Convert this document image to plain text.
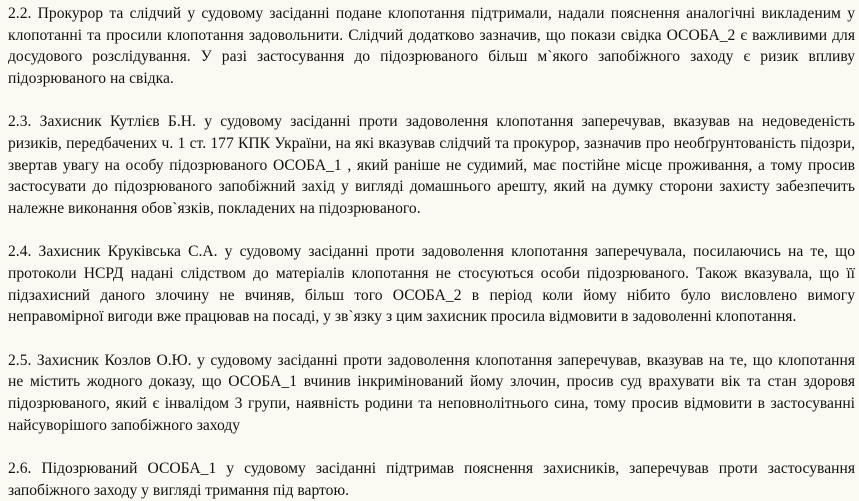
2.2. Прокурор та слідчий у судовому засіданні подане клопотання підтримали, надали пояснення аналогічні викладеним у
клопотанні та просили клопотання задовольнити. Слідчий додатково зазначив, що покази свідка ОСОБА_2 є важливими для
досудового розслідування. У разі застосування до підозрюваного більш м`якого запобіжного заходу є ризик впливу
підозрюваного на свідка.
2.3. Захисник Кутлієв Б.Н. у судовому засіданні проти задоволення клопотання заперечував, вказував на недоведеність
ризиків, передбачених ч. 1 ст. 177 КПК України, на які вказував слідчий та прокурор, зазначив про необґрунтованість підозри,
звертав увагу на особу підозрюваного ОСОБА_1 , який раніше не судимий, має постійне місце проживання, а тому просив
застосувати до підозрюваного запобіжний захід у вигляді домашнього арешту, який на думку сторони захисту забезпечить
належне виконання обов`язків, покладених на підозрюваного.
2.4. Захисник Круківська С.А. у судовому засіданні проти задоволення клопотання заперечувала, посилаючись на те, що
протоколи НСРД надані слідством до матеріалів клопотання не стосуються особи підозрюваного. Також вказувала, що її
підзахисний даного злочину не вчиняв, більш того ОСОБА_2 в період коли йому нібито було висловлено вимогу
неправомірної вигоди вже працював на посаді, у зв`язку з цим захисник просила відмовити в задоволенні клопотання.
2.5. Захисник Козлов О.Ю. у судовому засіданні проти задоволення клопотання заперечував, вказував на те, що клопотання
не містить жодного доказу, що ОСОБА_1 вчинив інкримінований йому злочин, просив суд врахувати вік та стан здоровя
підозрюваного, який є інвалідом 3 групи, наявність родини та неповнолітнього сина, тому просив відмовити в застосуванні
найсуворішого запобіжного заходу
2.6. Підозрюваний ОСОБА_1 у судовому засіданні підтримав пояснення захисників, заперечував проти застосування
запобіжного заходу у вигляді тримання під вартою.
